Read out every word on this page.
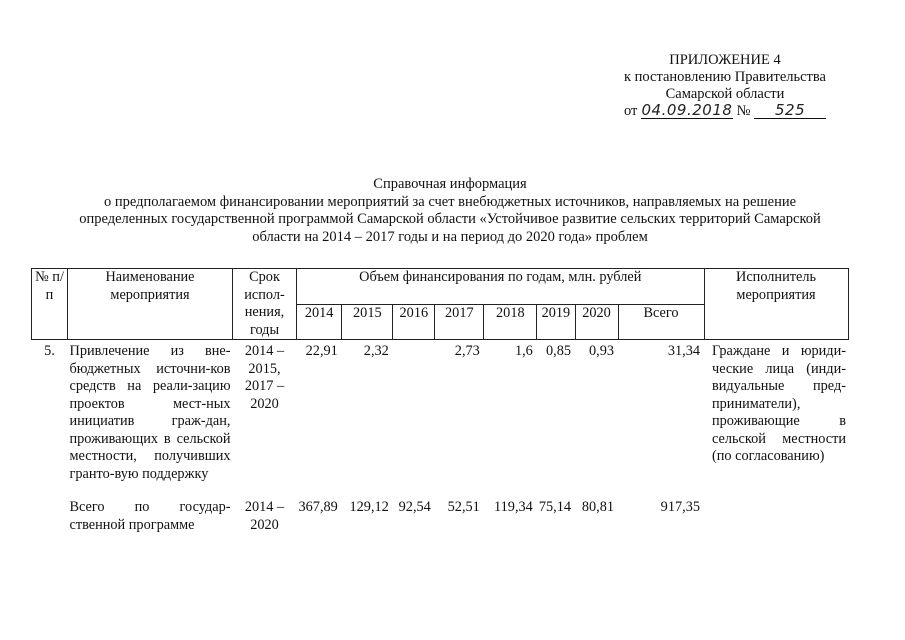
ПРИЛОЖЕНИЕ 4
к постановлению Правительства
Самарской области
от 04.09.2018 № 525
Справочная информация
о предполагаемом финансировании мероприятий за счет внебюджетных источников, направляемых на решение
определенных государственной программой Самарской области «Устойчивое развитие сельских территорий Самарской
области на 2014 – 2017 годы и на период до 2020 года» проблем
№ п/п	Наименование мероприятия	Срок испол-нения, годы	Объем финансирования по годам, млн. рублей								Исполнитель мероприятия
			2014	2015	2016	2017	2018	2019	2020	Всего	
5.	Привлечение из вне-бюджетных источни-ков средств на реали-зацию проектов мест-ных инициатив граж-дан, проживающих в сельской местности, получивших гранто-вую поддержку	2014 – 2015, 2017 – 2020	22,91	2,32		2,73	1,6	0,85	0,93	31,34	Граждане и юриди-ческие лица (инди-видуальные пред-приниматели), проживающие в сельской местности (по согласованию)
	Всего по государ-ственной программе	2014 – 2020	367,89	129,12	92,54	52,51	119,34	75,14	80,81	917,35	
